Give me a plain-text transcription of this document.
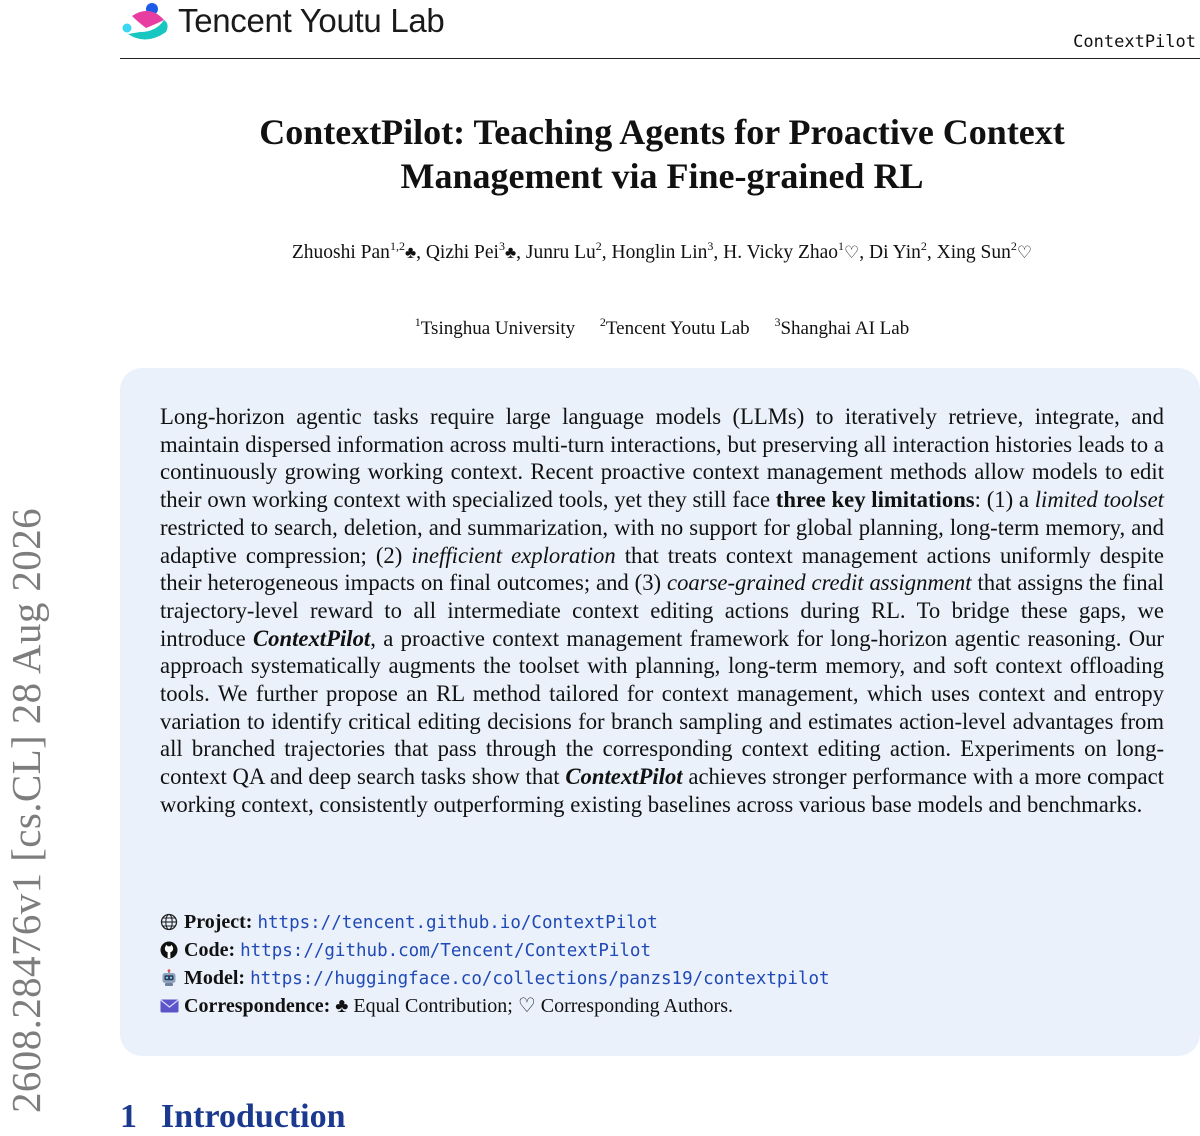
Tencent Youtu Lab
ContextPilot
2608.28476v1 [cs.CL] 28 Aug 2026
ContextPilot: Teaching Agents for Proactive Context
Management via Fine-grained RL
Zhuoshi Pan$^{1,2}$♣, Qizhi Pei$^3$♣, Junru Lu$^2$, Honglin Lin$^3$, H. Vicky Zhao$^1$♡, Di Yin$^2$, Xing Sun$^2$♡
$^1$Tsinghua University $^2$Tencent Youtu Lab $^3$Shanghai AI Lab

Long-horizon agentic tasks require large language models (LLMs) to iteratively retrieve, integrate, and maintain dispersed information across multi-turn interactions, but preserving all interaction histories leads to a continuously growing working context. Recent proactive context management methods allow models to edit their own working context with specialized tools, yet they still face three key limitations: (1) a limited toolset restricted to search, deletion, and summarization, with no support for global planning, long-term memory, and adaptive compression; (2) inefficient exploration that treats context management actions uniformly despite their heterogeneous impacts on final outcomes; and (3) coarse-grained credit assignment that assigns the final trajectory-level reward to all intermediate context editing actions during RL. To bridge these gaps, we introduce ContextPilot, a proactive context management framework for long-horizon agentic reasoning. Our approach systematically augments the toolset with planning, long-term memory, and soft context offloading tools. We further propose an RL method tailored for context management, which uses context and entropy variation to identify critical editing decisions for branch sampling and estimates action-level advantages from all branched trajectories that pass through the corresponding context editing action. Experiments on long-context QA and deep search tasks show that ContextPilot achieves stronger performance with a more compact working context, consistently outperforming existing baselines across various base models and benchmarks.

Project: https://tencent.github.io/ContextPilot
Code: https://github.com/Tencent/ContextPilot
Model: https://huggingface.co/collections/panzs19/contextpilot
Correspondence: ♣ Equal Contribution; ♡ Corresponding Authors.
1 Introduction
